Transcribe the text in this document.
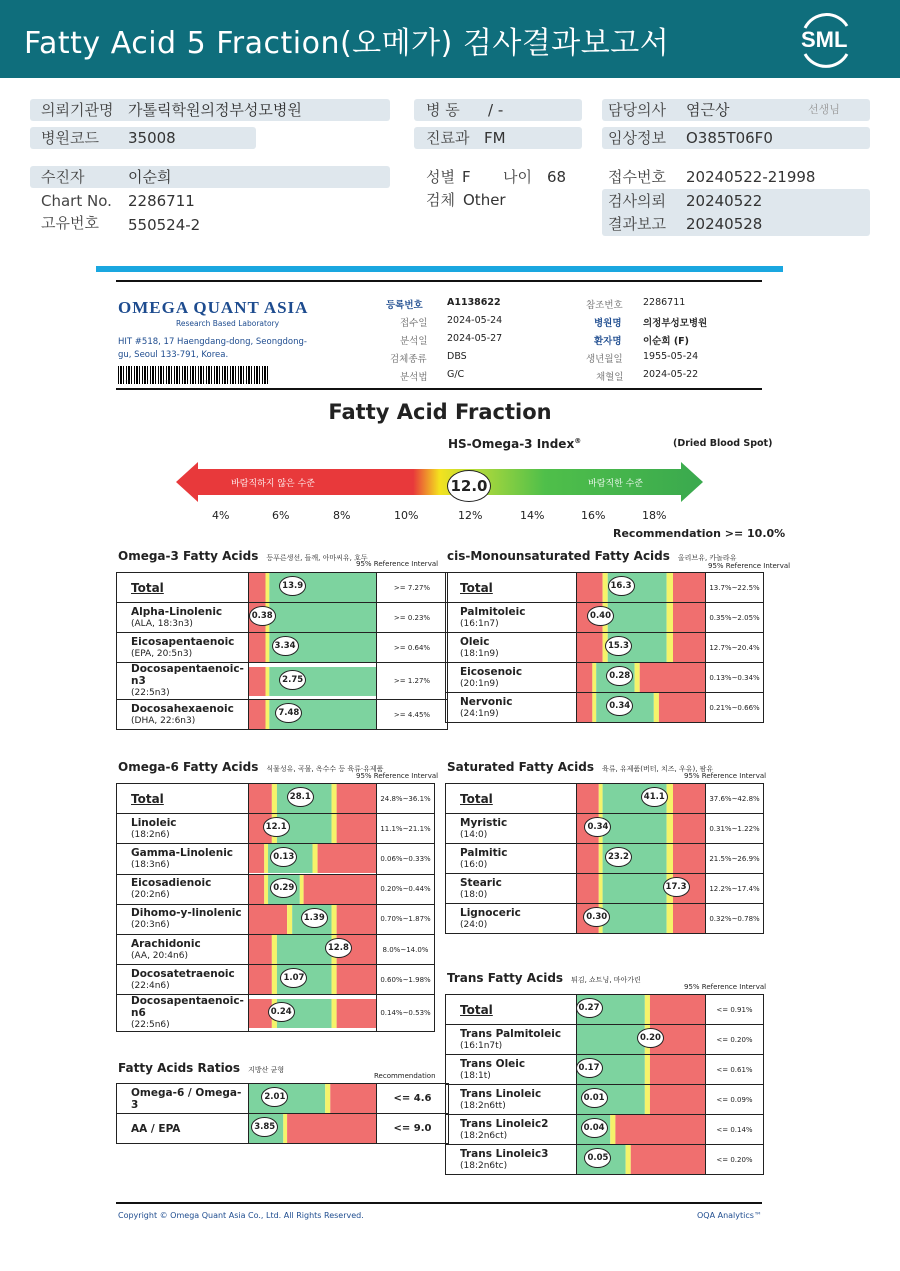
Fatty Acid 5 Fraction(오메가) 검사결과보고서	SML
의뢰기관명 가톨릭학원의정부성모병원
병원코드 35008
병 동 / -
진료과 FM
담당의사 염근상	선생님
임상정보 O385T06F0
수진자	이순희
Chart No. 2286711
고유번호 550524-2
성별 F 나이 68
검체 Other
접수번호 20240522-21998
검사의뢰 20240522
결과보고 20240528
OMEGA QUANT ASIA
Research Based Laboratory
HIT #518, 17 Haengdang-dong, Seongdong-gu, Seoul 133-791, Korea.
등록번호	A1138622
접수일 2024-05-24
분석일 2024-05-27
검체종류 DBS
분석법 G/C
참조번호 2286711
병원명 의정부성모병원
환자명 이순희 (F)
생년월일 1955-05-24
채혈일 2024-05-22
Fatty Acid Fraction
HS-Omega-3 Index®	(Dried Blood Spot)
바람직하지 않은 수준	바람직한 수준
12.0
4%	6%	8%	10%	12%	14%	16%	18%
Recommendation >= 10.0%
Omega-3 Fatty Acids 등푸른생선, 들깨, 아마씨유, 호두
95% Reference Interval
Total	13.9	>= 7.27%
Alpha-Linolenic
(ALA, 18:3n3)	0.38	>= 0.23%
Eicosapentaenoic
(EPA, 20:5n3)	3.34	>= 0.64%
Docosapentaenoic-n3
(22:5n3)	2.75	>= 1.27%
Docosahexaenoic
(DHA, 22:6n3)	7.48	>= 4.45%
cis-Monounsaturated Fatty Acids 올리브유, 카놀라유
95% Reference Interval
Total	16.3	13.7%~22.5%
Palmitoleic
(16:1n7)	0.40	0.35%~2.05%
Oleic
(18:1n9)	15.3	12.7%~20.4%
Eicosenoic
(20:1n9)	0.28	0.13%~0.34%
Nervonic
(24:1n9)	0.34	0.21%~0.66%
Omega-6 Fatty Acids 식물성유, 곡물, 옥수수 등 육류·유제품
95% Reference Interval
Total	28.1	24.8%~36.1%
Linoleic
(18:2n6)	12.1	11.1%~21.1%
Gamma-Linolenic
(18:3n6)	0.13	0.06%~0.33%
Eicosadienoic
(20:2n6)	0.29	0.20%~0.44%
Dihomo-y-linolenic
(20:3n6)	1.39	0.70%~1.87%
Arachidonic
(AA, 20:4n6)	12.8	8.0%~14.0%
Docosatetraenoic
(22:4n6)	1.07	0.60%~1.98%
Docosapentaenoic-n6
(22:5n6)	0.24	0.14%~0.53%
Saturated Fatty Acids 육류, 유제품(버터, 치즈, 우유), 팜유
95% Reference Interval
Total	41.1	37.6%~42.8%
Myristic
(14:0)	0.34	0.31%~1.22%
Palmitic
(16:0)	23.2	21.5%~26.9%
Stearic
(18:0)	17.3	12.2%~17.4%
Lignoceric
(24:0)	0.30	0.32%~0.78%
Trans Fatty Acids 튀김, 쇼트닝, 마아가린
95% Reference Interval
Total	0.27	<= 0.91%
Trans Palmitoleic
(16:1n7t)	0.20	<= 0.20%
Trans Oleic
(18:1t)	0.17	<= 0.61%
Trans Linoleic
(18:2n6tt)	0.01	<= 0.09%
Trans Linoleic2
(18:2n6ct)	0.04	<= 0.14%
Trans Linoleic3
(18:2n6tc)	0.05	<= 0.20%
Fatty Acids Ratios 지방산 균형
Recommendation
Omega-6 / Omega-3	2.01	<= 4.6
AA / EPA	3.85	<= 9.0
Copyright © Omega Quant Asia Co., Ltd. All Rights Reserved.	OQA Analytics™
